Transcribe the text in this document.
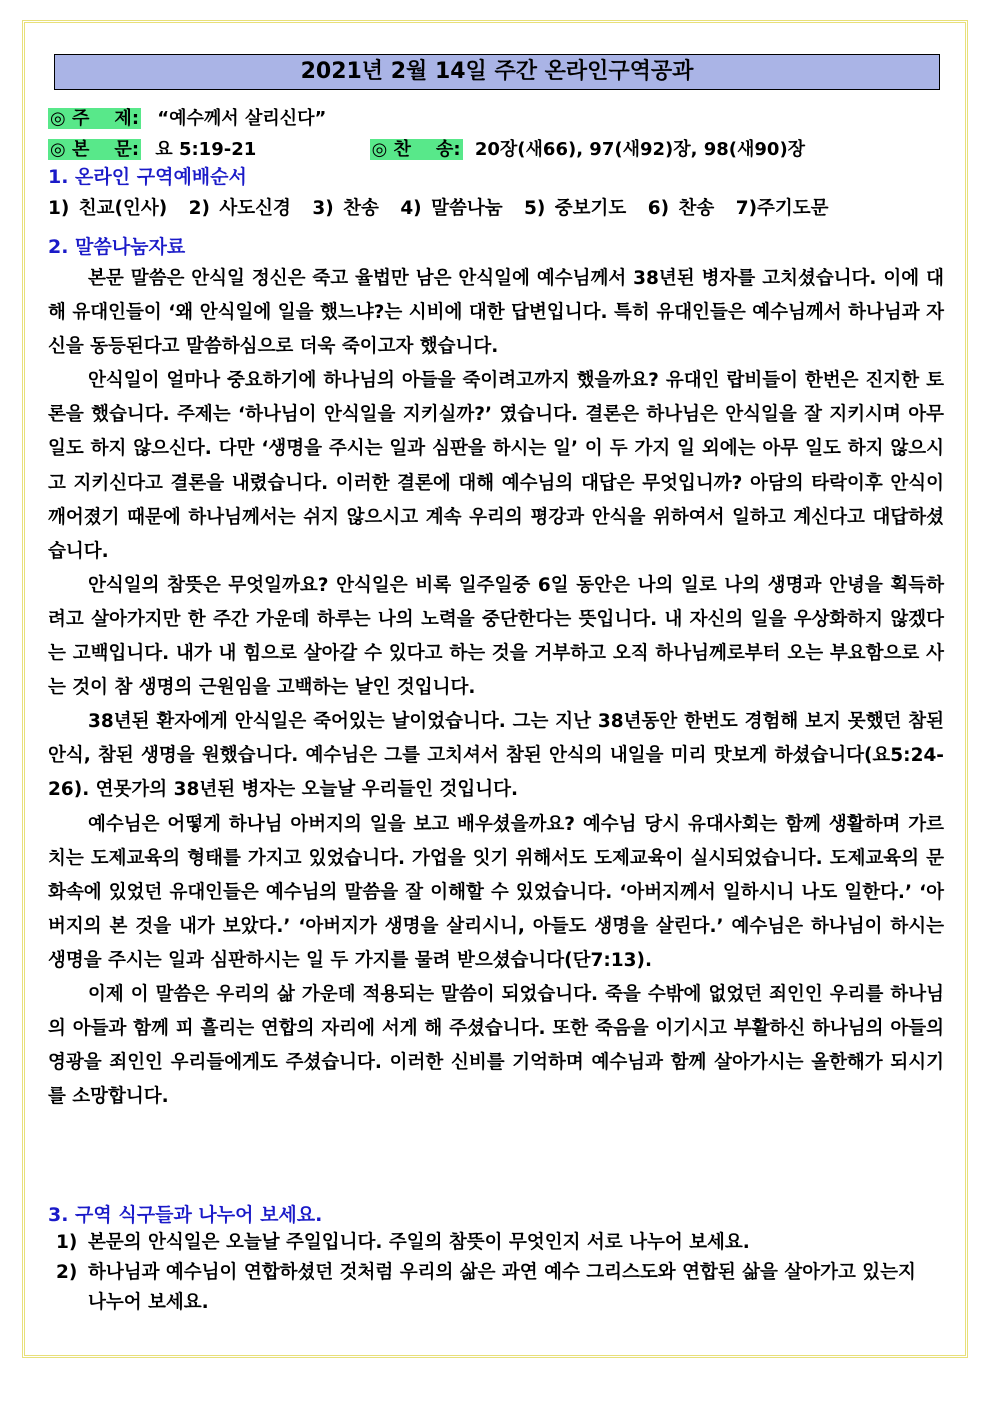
2021년 2월 14일 주간 온라인구역공과
◎ 주    제: “예수께서 살리신다”
◎ 본    문: 요 5:19-21	◎ 찬    송: 20장(새66), 97(새92)장, 98(새90)장
1. 온라인 구역예배순서
1) 친교(인사) 2) 사도신경 3) 찬송 4) 말씀나눔 5) 중보기도 6) 찬송 7)주기도문
2. 말씀나눔자료

본문 말씀은 안식일 정신은 죽고 율법만 남은 안식일에 예수님께서 38년된 병자를 고치셨습니다. 이에 대해 유대인들이 ‘왜 안식일에 일을 했느냐?는 시비에 대한 답변입니다. 특히 유대인들은 예수님께서 하나님과 자신을 동등된다고 말씀하심으로 더욱 죽이고자 했습니다.

안식일이 얼마나 중요하기에 하나님의 아들을 죽이려고까지 했을까요? 유대인 랍비들이 한번은 진지한 토론을 했습니다. 주제는 ‘하나님이 안식일을 지키실까?’ 였습니다. 결론은 하나님은 안식일을 잘 지키시며 아무 일도 하지 않으신다. 다만 ‘생명을 주시는 일과 심판을 하시는 일’ 이 두 가지 일 외에는 아무 일도 하지 않으시고 지키신다고 결론을 내렸습니다. 이러한 결론에 대해 예수님의 대답은 무엇입니까? 아담의 타락이후 안식이 깨어졌기 때문에 하나님께서는 쉬지 않으시고 계속 우리의 평강과 안식을 위하여서 일하고 계신다고 대답하셨습니다.

안식일의 참뜻은 무엇일까요? 안식일은 비록 일주일중 6일 동안은 나의 일로 나의 생명과 안녕을 획득하려고 살아가지만 한 주간 가운데 하루는 나의 노력을 중단한다는 뜻입니다. 내 자신의 일을 우상화하지 않겠다는 고백입니다. 내가 내 힘으로 살아갈 수 있다고 하는 것을 거부하고 오직 하나님께로부터 오는 부요함으로 사는 것이 참 생명의 근원임을 고백하는 날인 것입니다.

38년된 환자에게 안식일은 죽어있는 날이었습니다. 그는 지난 38년동안 한번도 경험해 보지 못했던 참된 안식, 참된 생명을 원했습니다. 예수님은 그를 고치셔서 참된 안식의 내일을 미리 맛보게 하셨습니다(요5:24-26). 연못가의 38년된 병자는 오늘날 우리들인 것입니다.

예수님은 어떻게 하나님 아버지의 일을 보고 배우셨을까요? 예수님 당시 유대사회는 함께 생활하며 가르치는 도제교육의 형태를 가지고 있었습니다. 가업을 잇기 위해서도 도제교육이 실시되었습니다. 도제교육의 문화속에 있었던 유대인들은 예수님의 말씀을 잘 이해할 수 있었습니다. ‘아버지께서 일하시니 나도 일한다.’ ‘아버지의 본 것을 내가 보았다.’ ‘아버지가 생명을 살리시니, 아들도 생명을 살린다.’ 예수님은 하나님이 하시는 생명을 주시는 일과 심판하시는 일 두 가지를 물려 받으셨습니다(단7:13).

이제 이 말씀은 우리의 삶 가운데 적용되는 말씀이 되었습니다. 죽을 수밖에 없었던 죄인인 우리를 하나님의 아들과 함께 피 흘리는 연합의 자리에 서게 해 주셨습니다. 또한 죽음을 이기시고 부활하신 하나님의 아들의 영광을 죄인인 우리들에게도 주셨습니다. 이러한 신비를 기억하며 예수님과 함께 살아가시는 올한해가 되시기를 소망합니다.

3. 구역 식구들과 나누어 보세요.
1) 본문의 안식일은 오늘날 주일입니다. 주일의 참뜻이 무엇인지 서로 나누어 보세요.
2) 하나님과 예수님이 연합하셨던 것처럼 우리의 삶은 과연 예수 그리스도와 연합된 삶을 살아가고 있는지 나누어 보세요.
